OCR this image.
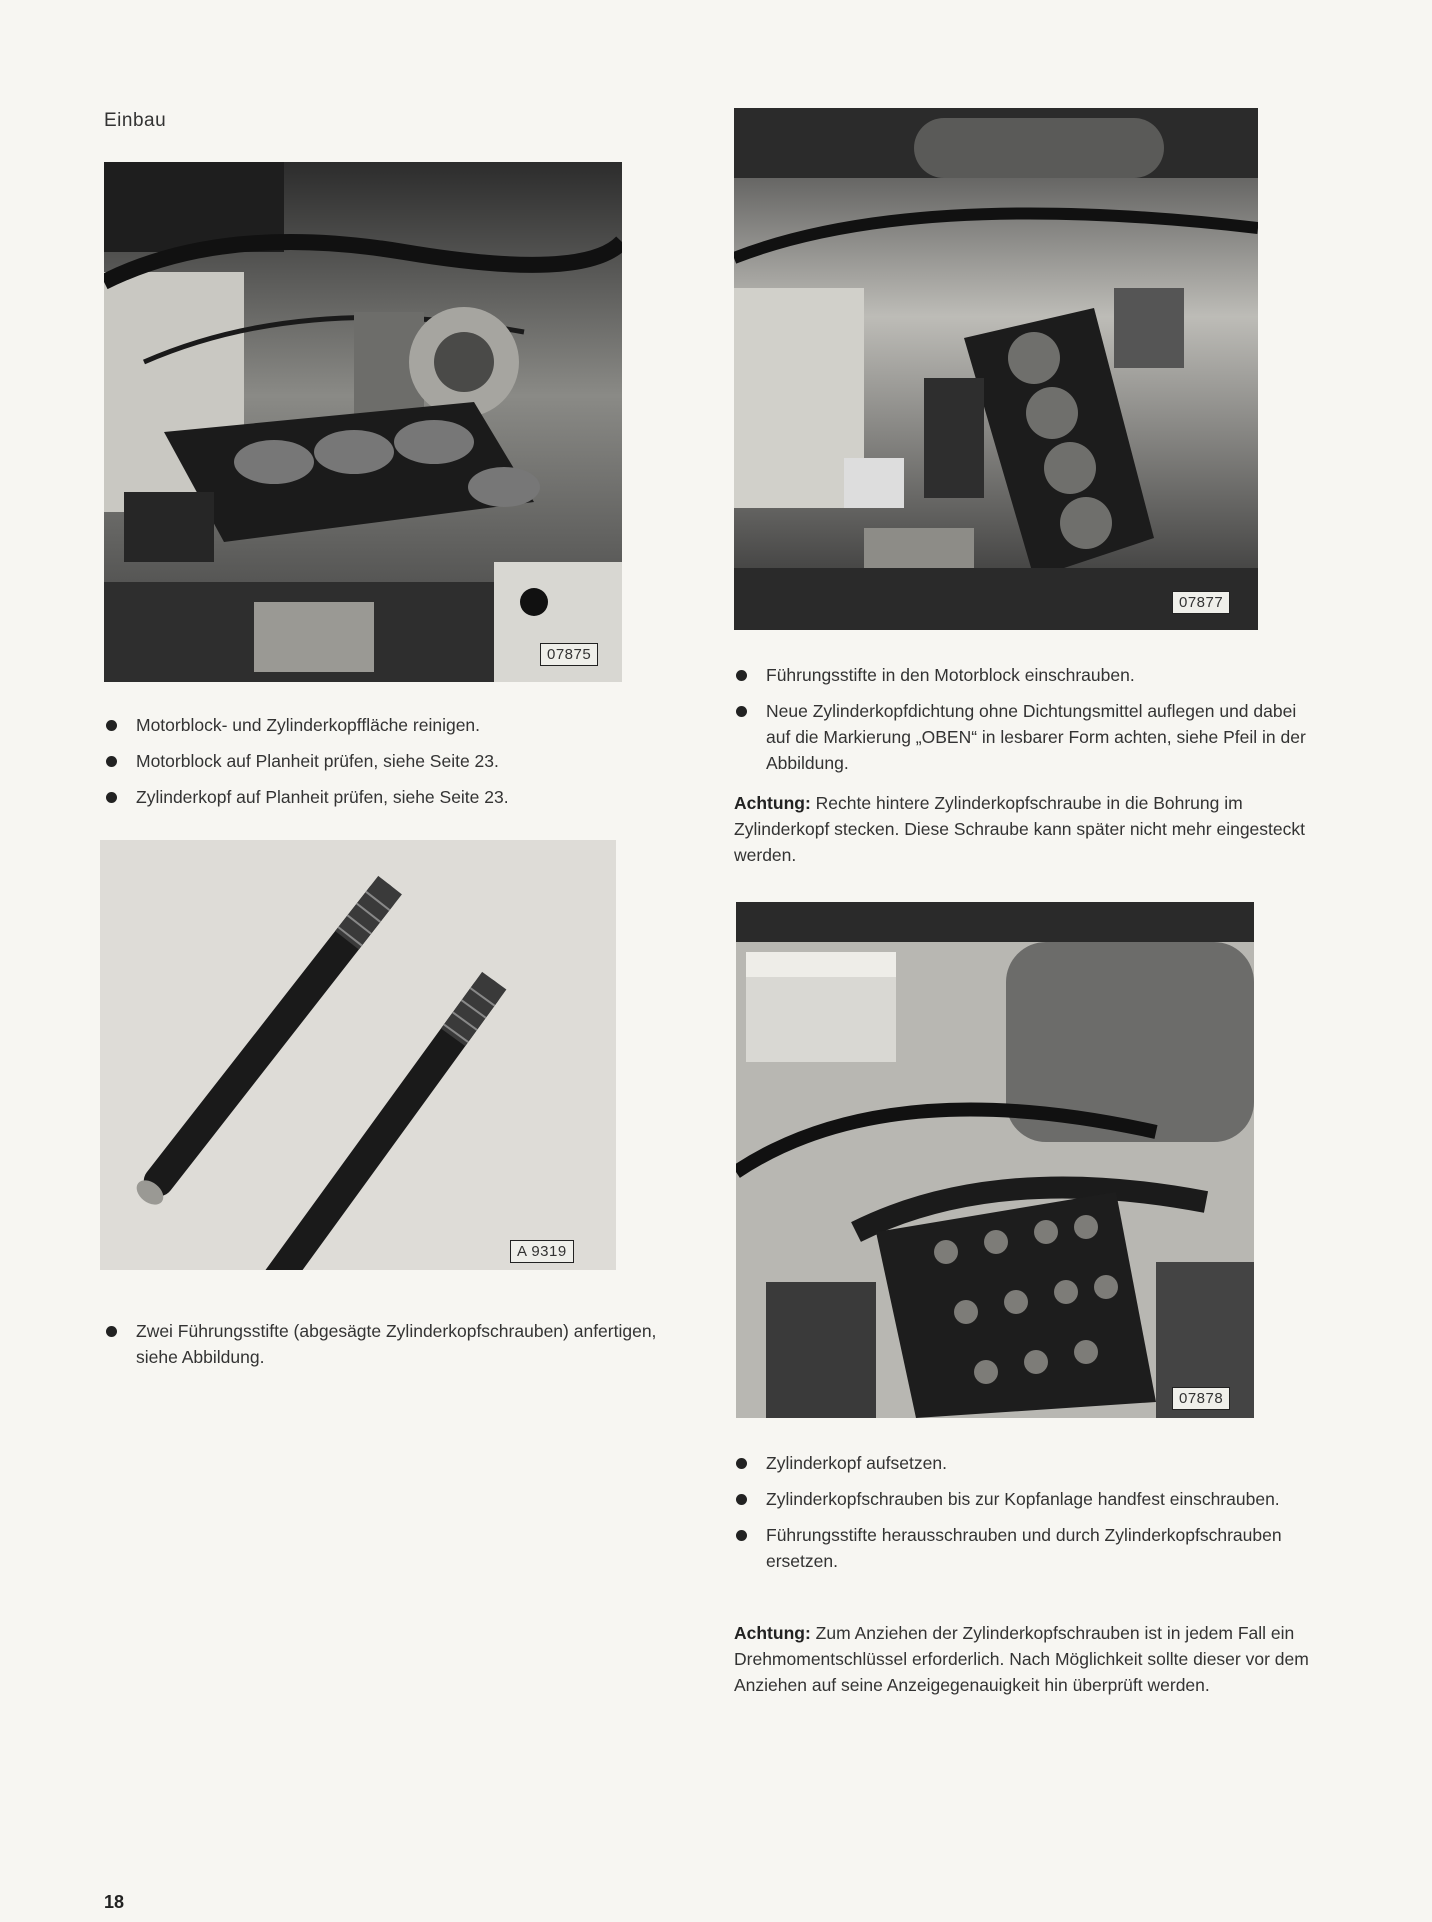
Einbau
07875
Motorblock- und Zylinderkopffläche reinigen.
Motorblock auf Planheit prüfen, siehe Seite 23.
Zylinderkopf auf Planheit prüfen, siehe Seite 23.
A 9319
Zwei Führungsstifte (abgesägte Zylinderkopfschrauben) anfertigen, siehe Abbildung.
07877
Führungsstifte in den Motorblock einschrauben.
Neue Zylinderkopfdichtung ohne Dichtungsmittel auflegen und dabei auf die Markierung „OBEN“ in lesbarer Form achten, siehe Pfeil in der Abbildung.

Achtung: Rechte hintere Zylinderkopfschraube in die Bohrung im Zylinderkopf stecken. Diese Schraube kann später nicht mehr eingesteckt werden.

07878
Zylinderkopf aufsetzen.
Zylinderkopfschrauben bis zur Kopfanlage handfest einschrauben.
Führungsstifte herausschrauben und durch Zylinderkopfschrauben ersetzen.

Achtung: Zum Anziehen der Zylinderkopfschrauben ist in jedem Fall ein Drehmomentschlüssel erforderlich. Nach Möglichkeit sollte dieser vor dem Anziehen auf seine Anzeigegenauigkeit hin überprüft werden.

18
